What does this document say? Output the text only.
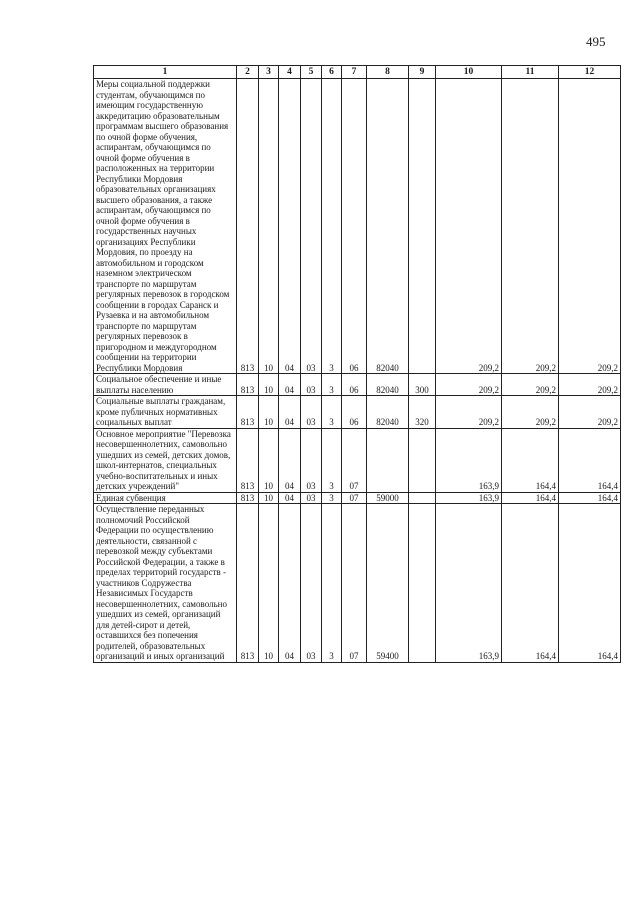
495
1	2	3	4	5	6	7	8	9	10	11	12
Меры социальной поддержки студентам, обучающимся по имеющим государственную аккредитацию образовательным программам высшего образования по очной форме обучения, аспирантам, обучающимся по очной форме обучения в расположенных на территории Республики Мордовия образовательных организациях высшего образования, а также аспирантам, обучающимся по очной форме обучения в государственных научных организациях Республики Мордовия, по проезду на автомобильном и городском наземном электрическом транспорте по маршрутам регулярных перевозок в городском сообщении в городах Саранск и Рузаевка и на автомобильном транспорте по маршрутам регулярных перевозок в пригородном и междугородном сообщении на территории Республики Мордовия	813	10	04	03	3	06	82040		209,2	209,2	209,2
Социальное обеспечение и иные выплаты населению	813	10	04	03	3	06	82040	300	209,2	209,2	209,2
Социальные выплаты гражданам, кроме публичных нормативных социальных выплат	813	10	04	03	3	06	82040	320	209,2	209,2	209,2
Основное мероприятие "Перевозка несовершеннолетних, самовольно ушедших из семей, детских домов, школ-интернатов, специальных учебно-воспитательных и иных детских учреждений"	813	10	04	03	3	07			163,9	164,4	164,4
Единая субвенция	813	10	04	03	3	07	59000		163,9	164,4	164,4
Осуществление переданных полномочий Российской Федерации по осуществлению деятельности, связанной с перевозкой между субъектами Российской Федерации, а также в пределах территорий государств - участников Содружества Независимых Государств несовершеннолетних, самовольно ушедших из семей, организаций для детей-сирот и детей, оставшихся без попечения родителей, образовательных организаций и иных организаций	813	10	04	03	3	07	59400		163,9	164,4	164,4
